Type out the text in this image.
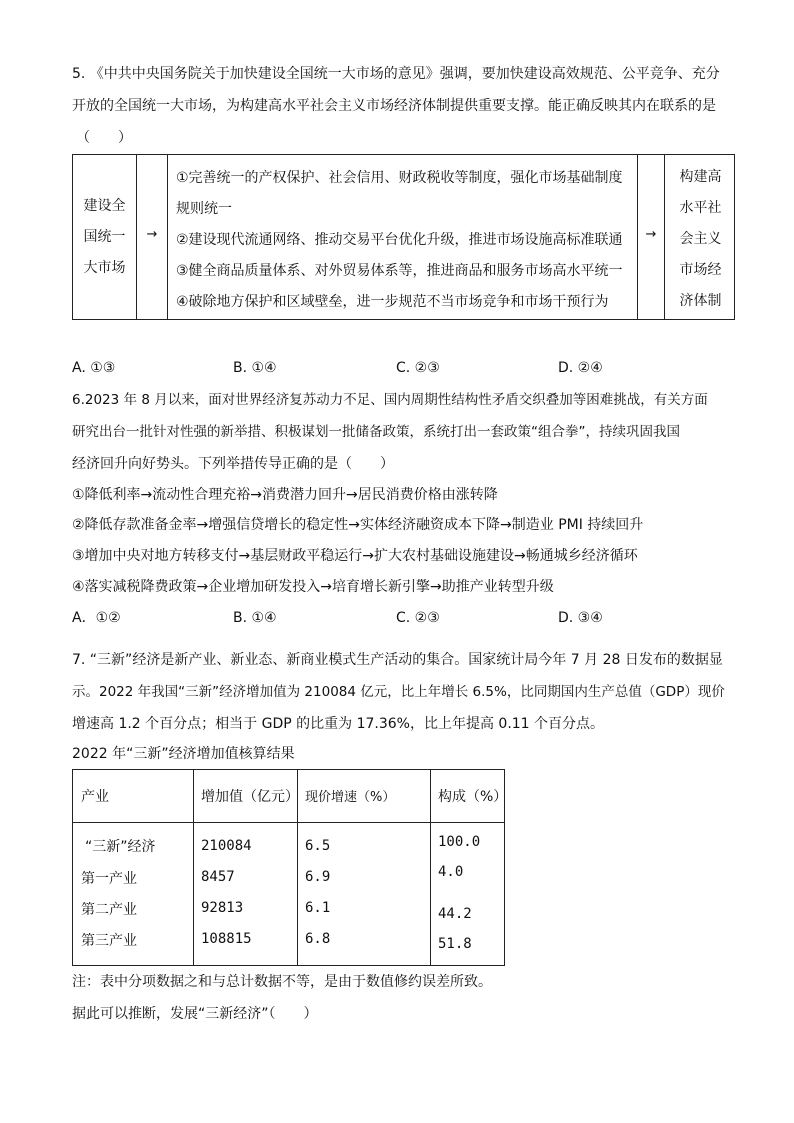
5. 《中共中央国务院关于加快建设全国统一大市场的意见》强调，要加快建设高效规范、公平竞争、充分
开放的全国统一大市场，为构建高水平社会主义市场经济体制提供重要支撑。能正确反映其内在联系的是
（　　）
建设全
国统一
大市场
→
①完善统一的产权保护、社会信用、财政税收等制度，强化市场基础制度
规则统一
②建设现代流通网络、推动交易平台优化升级，推进市场设施高标准联通
③健全商品质量体系、对外贸易体系等，推进商品和服务市场高水平统一
④破除地方保护和区域壁垒，进一步规范不当市场竞争和市场干预行为
→
构建高
水平社
会主义
市场经
济体制
A. ①③	B. ①④	C. ②③	D. ②④
6.2023 年 8 月以来，面对世界经济复苏动力不足、国内周期性结构性矛盾交织叠加等困难挑战，有关方面
研究出台一批针对性强的新举措、积极谋划一批储备政策，系统打出一套政策“组合拳”，持续巩固我国
经济回升向好势头。下列举措传导正确的是（　　）
①降低利率→流动性合理充裕→消费潜力回升→居民消费价格由涨转降
②降低存款准备金率→增强信贷增长的稳定性→实体经济融资成本下降→制造业 PMI 持续回升
③增加中央对地方转移支付→基层财政平稳运行→扩大农村基础设施建设→畅通城乡经济循环
④落实减税降费政策→企业增加研发投入→培育增长新引擎→助推产业转型升级
A．①②	B. ①④	C. ②③	D. ③④
7. “三新”经济是新产业、新业态、新商业模式生产活动的集合。国家统计局今年 7 月 28 日发布的数据显
示。2022 年我国“三新”经济增加值为 210084 亿元，比上年增长 6.5%，比同期国内生产总值（GDP）现价
增速高 1.2 个百分点；相当于 GDP 的比重为 17.36%，比上年提高 0.11 个百分点。
2022 年“三新”经济增加值核算结果
产业	增加值（亿元） 现价增速（%）	构成（%）
“三新”经济	210084	6.5	100.0
第一产业	8457	6.9	4.0
第二产业	92813	6.1	44.2
第三产业	108815	6.8	51.8
注：表中分项数据之和与总计数据不等，是由于数值修约误差所致。
据此可以推断，发展“三新经济”（　　）
